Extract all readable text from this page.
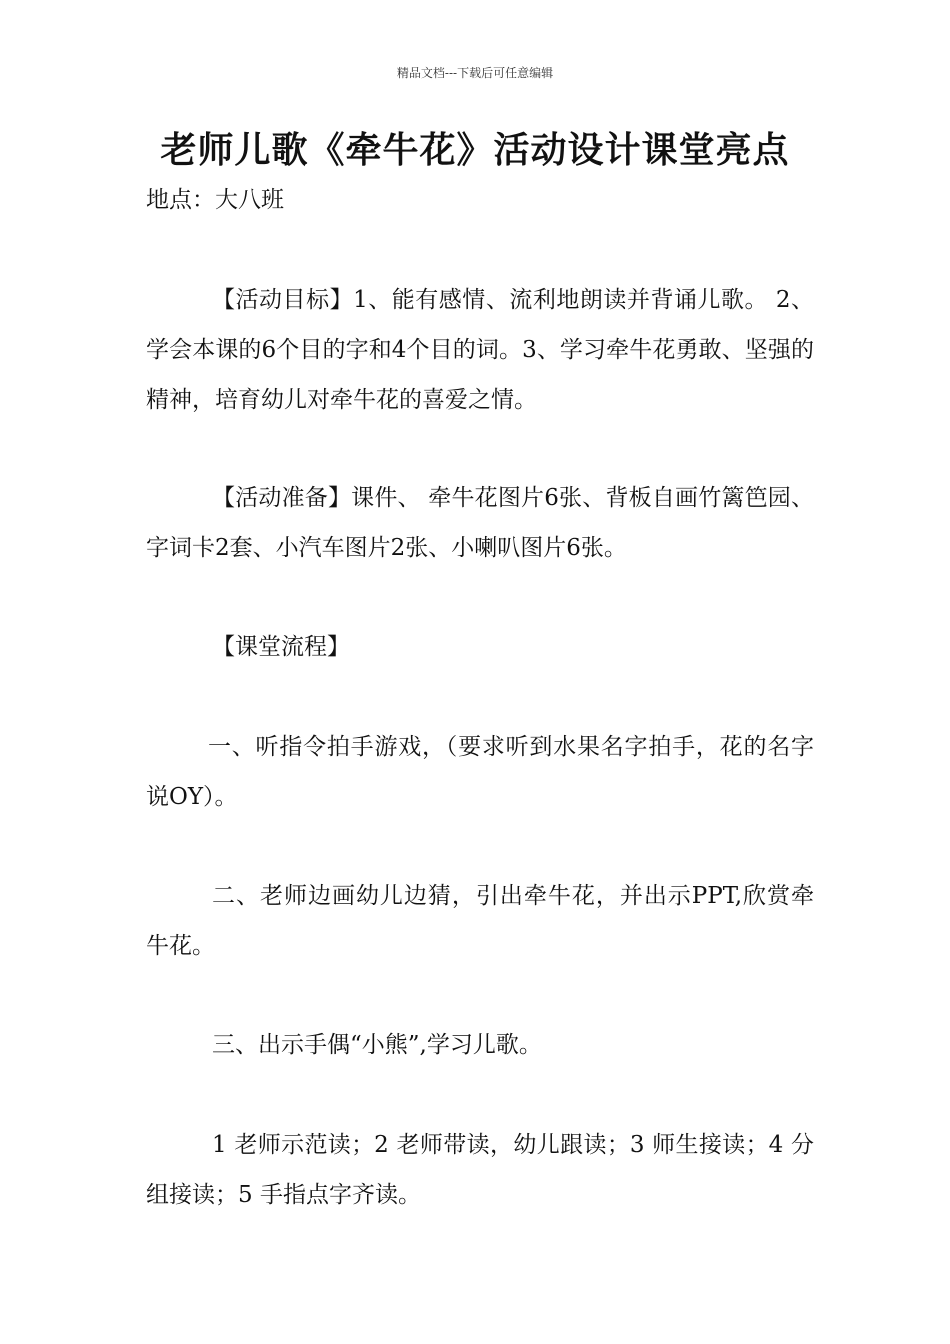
精品文档---下载后可任意编辑
老师儿歌《牵牛花》活动设计课堂亮点
地点：大八班

【活动目标】1、能有感情、流利地朗读并背诵儿歌。 2、学会本课的6个目的字和4个目的词。3、学习牵牛花勇敢、坚强的精神，培育幼儿对牵牛花的喜爱之情。

【活动准备】课件、 牵牛花图片6张、背板自画竹篱笆园、字词卡2套、小汽车图片2张、小喇叭图片6张。

【课堂流程】

一、听指令拍手游戏，（要求听到水果名字拍手，花的名字说OY）。

二、老师边画幼儿边猜，引出牵牛花，并出示PPT,欣赏牵牛花。

三、出示手偶“小熊”,学习儿歌。

1 老师示范读；2 老师带读，幼儿跟读；3 师生接读；4 分组接读；5 手指点字齐读。
